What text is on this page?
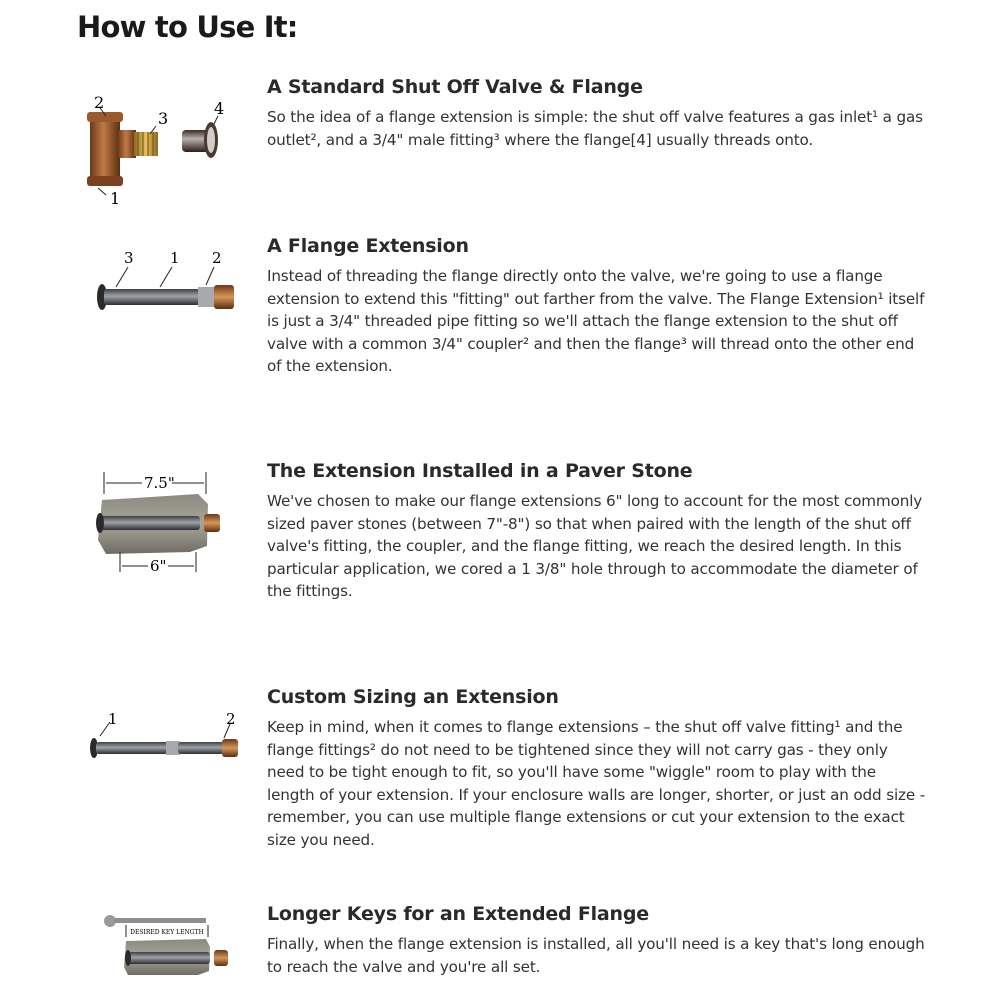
How to Use It:
2
3
4
1
A Standard Shut Off Valve & Flange

So the idea of a flange extension is simple: the shut off valve features a gas inlet¹ a gas outlet², and a 3/4" male fitting³ where the flange[4] usually threads onto.

3 1 2
A Flange Extension

Instead of threading the flange directly onto the valve, we're going to use a flange extension to extend this "fitting" out farther from the valve. The Flange Extension¹ itself is just a 3/4" threaded pipe fitting so we'll attach the flange extension to the shut off valve with a common 3/4" coupler² and then the flange³ will thread onto the other end of the extension.

7.5"
6"
The Extension Installed in a Paver Stone

We've chosen to make our flange extensions 6" long to account for the most commonly sized paver stones (between 7"-8") so that when paired with the length of the shut off valve's fitting, the coupler, and the flange fitting, we reach the desired length. In this particular application, we cored a 1 3/8" hole through to accommodate the diameter of the fittings.

1	2
Custom Sizing an Extension

Keep in mind, when it comes to flange extensions – the shut off valve fitting¹ and the flange fittings² do not need to be tightened since they will not carry gas - they only need to be tight enough to fit, so you'll have some "wiggle" room to play with the length of your extension. If your enclosure walls are longer, shorter, or just an odd size - remember, you can use multiple flange extensions or cut your extension to the exact size you need.

DESIRED KEY LENGTH
Longer Keys for an Extended Flange

Finally, when the flange extension is installed, all you'll need is a key that's long enough to reach the valve and you're all set.
